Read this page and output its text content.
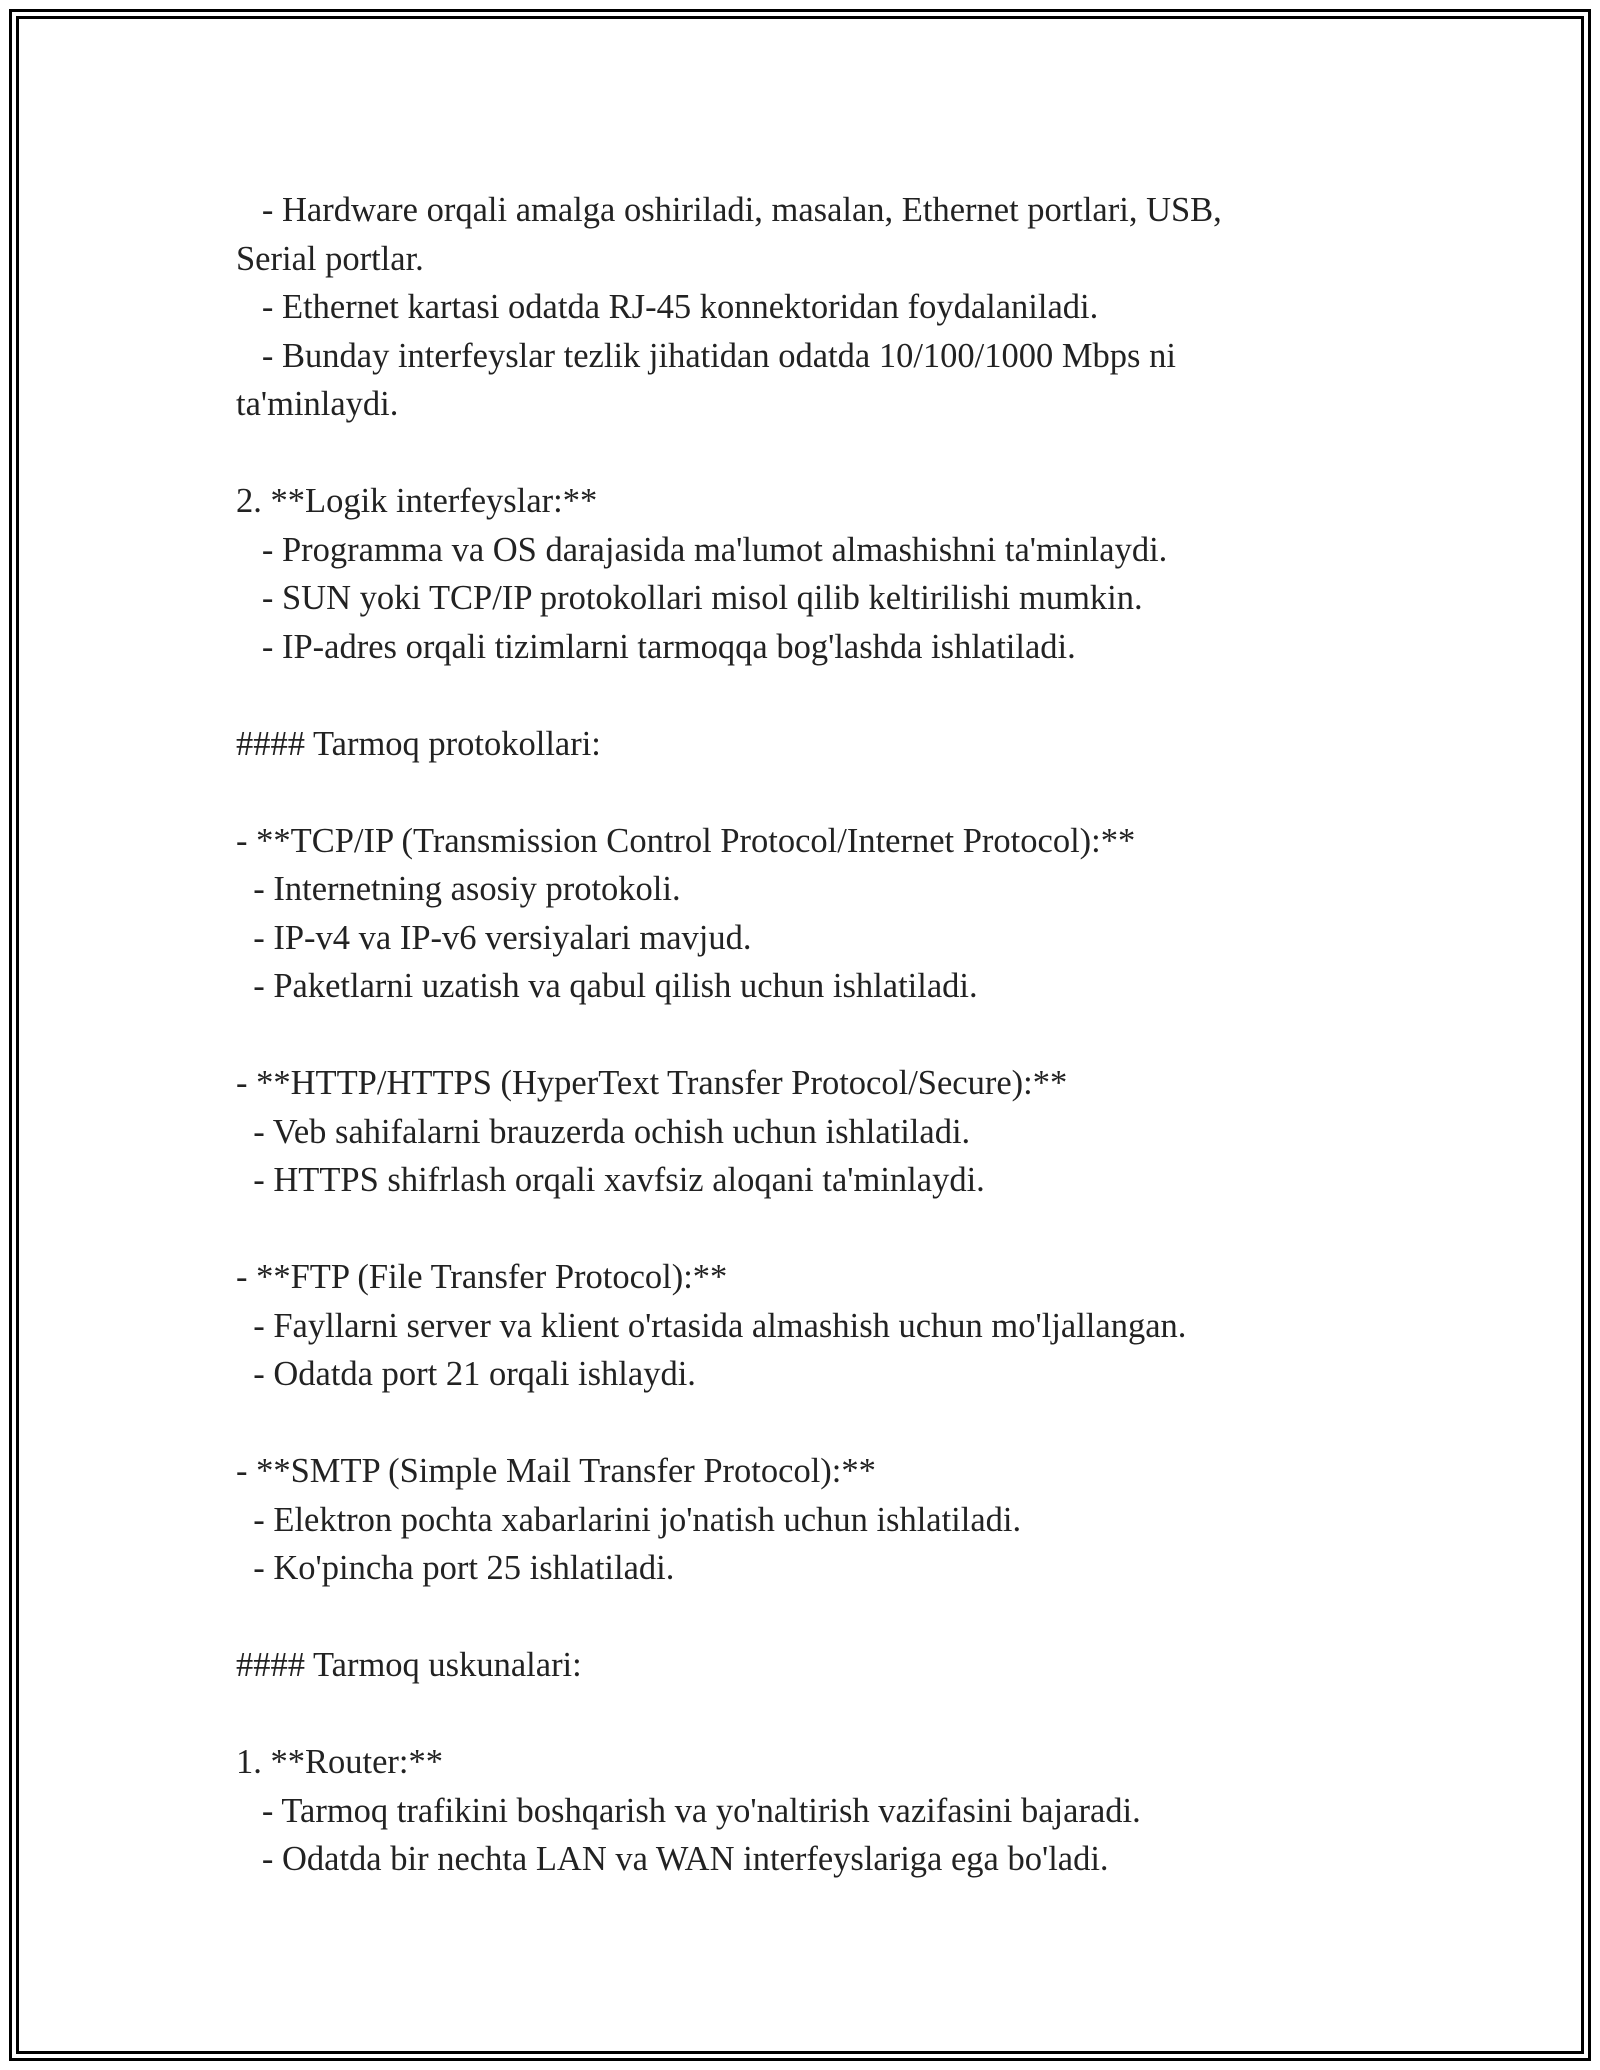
- Hardware orqali amalga oshiriladi, masalan, Ethernet portlari, USB,
Serial portlar.
- Ethernet kartasi odatda RJ-45 konnektoridan foydalaniladi.
- Bunday interfeyslar tezlik jihatidan odatda 10/100/1000 Mbps ni
ta'minlaydi.
2. **Logik interfeyslar:**
- Programma va OS darajasida ma'lumot almashishni ta'minlaydi.
- SUN yoki TCP/IP protokollari misol qilib keltirilishi mumkin.
- IP-adres orqali tizimlarni tarmoqqa bog'lashda ishlatiladi.
#### Tarmoq protokollari:
- **TCP/IP (Transmission Control Protocol/Internet Protocol):**
- Internetning asosiy protokoli.
- IP-v4 va IP-v6 versiyalari mavjud.
- Paketlarni uzatish va qabul qilish uchun ishlatiladi.
- **HTTP/HTTPS (HyperText Transfer Protocol/Secure):**
- Veb sahifalarni brauzerda ochish uchun ishlatiladi.
- HTTPS shifrlash orqali xavfsiz aloqani ta'minlaydi.
- **FTP (File Transfer Protocol):**
- Fayllarni server va klient o'rtasida almashish uchun mo'ljallangan.
- Odatda port 21 orqali ishlaydi.
- **SMTP (Simple Mail Transfer Protocol):**
- Elektron pochta xabarlarini jo'natish uchun ishlatiladi.
- Ko'pincha port 25 ishlatiladi.
#### Tarmoq uskunalari:
1. **Router:**
- Tarmoq trafikini boshqarish va yo'naltirish vazifasini bajaradi.
- Odatda bir nechta LAN va WAN interfeyslariga ega bo'ladi.
